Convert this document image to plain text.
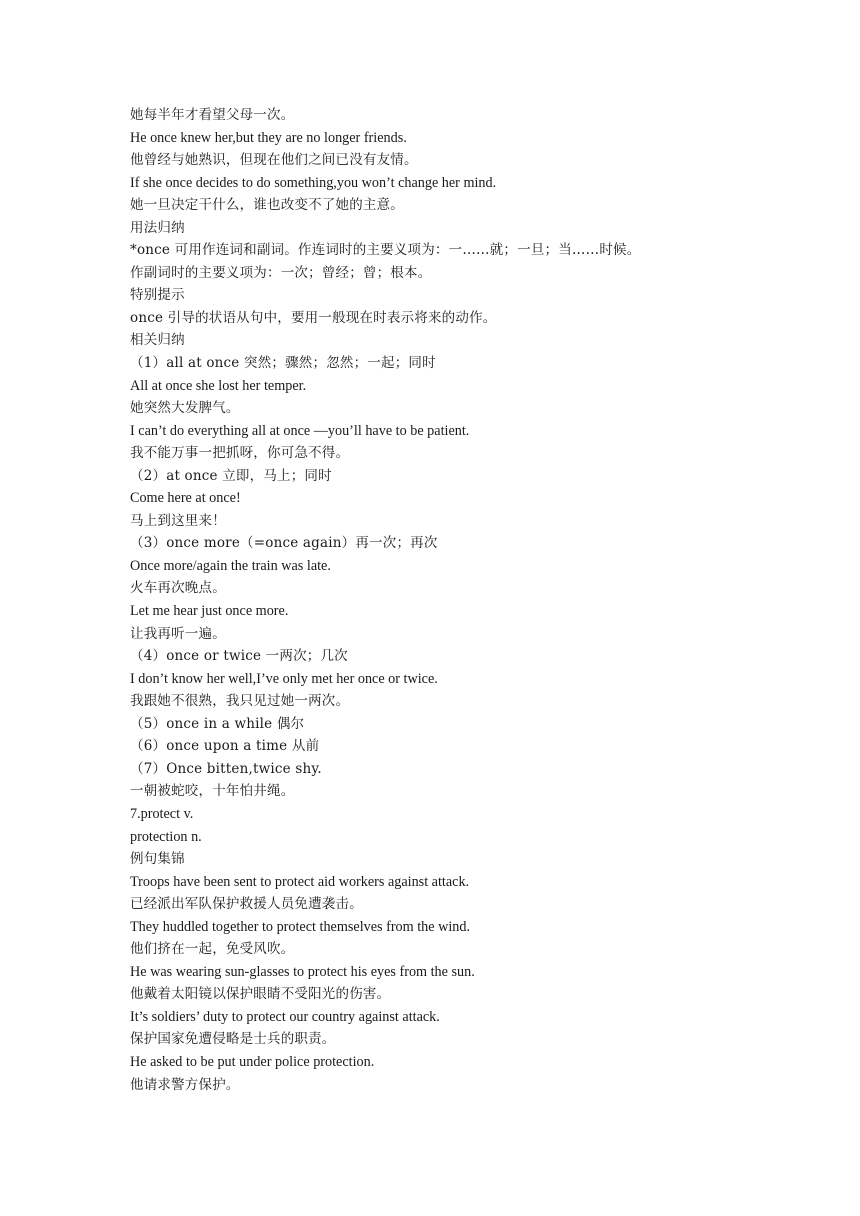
她每半年才看望父母一次。
He once knew her,but they are no longer friends.
他曾经与她熟识，但现在他们之间已没有友情。
If she once decides to do something,you won’t change her mind.
她一旦决定干什么，谁也改变不了她的主意。
用法归纳
*once 可用作连词和副词。作连词时的主要义项为：一……就；一旦；当……时候。
作副词时的主要义项为：一次；曾经；曾；根本。
特别提示
once 引导的状语从句中，要用一般现在时表示将来的动作。
相关归纳
（1）all at once 突然；骤然；忽然；一起；同时
All at once she lost her temper.
她突然大发脾气。
I can’t do everything all at once —you’ll have to be patient.
我不能万事一把抓呀，你可急不得。
（2）at once 立即，马上；同时
Come here at once!
马上到这里来！
（3）once more（=once again）再一次；再次
Once more/again the train was late.
火车再次晚点。
Let me hear just once more.
让我再听一遍。
（4）once or twice 一两次；几次
I don’t know her well,I’ve only met her once or twice.
我跟她不很熟，我只见过她一两次。
（5）once in a while 偶尔
（6）once upon a time 从前
（7）Once bitten,twice shy.
一朝被蛇咬，十年怕井绳。
7.protect v.
protection n.
例句集锦
Troops have been sent to protect aid workers against attack.
已经派出军队保护救援人员免遭袭击。
They huddled together to protect themselves from the wind.
他们挤在一起，免受风吹。
He was wearing sun-glasses to protect his eyes from the sun.
他戴着太阳镜以保护眼睛不受阳光的伤害。
It’s soldiers’ duty to protect our country against attack.
保护国家免遭侵略是士兵的职责。
He asked to be put under police protection.
他请求警方保护。
